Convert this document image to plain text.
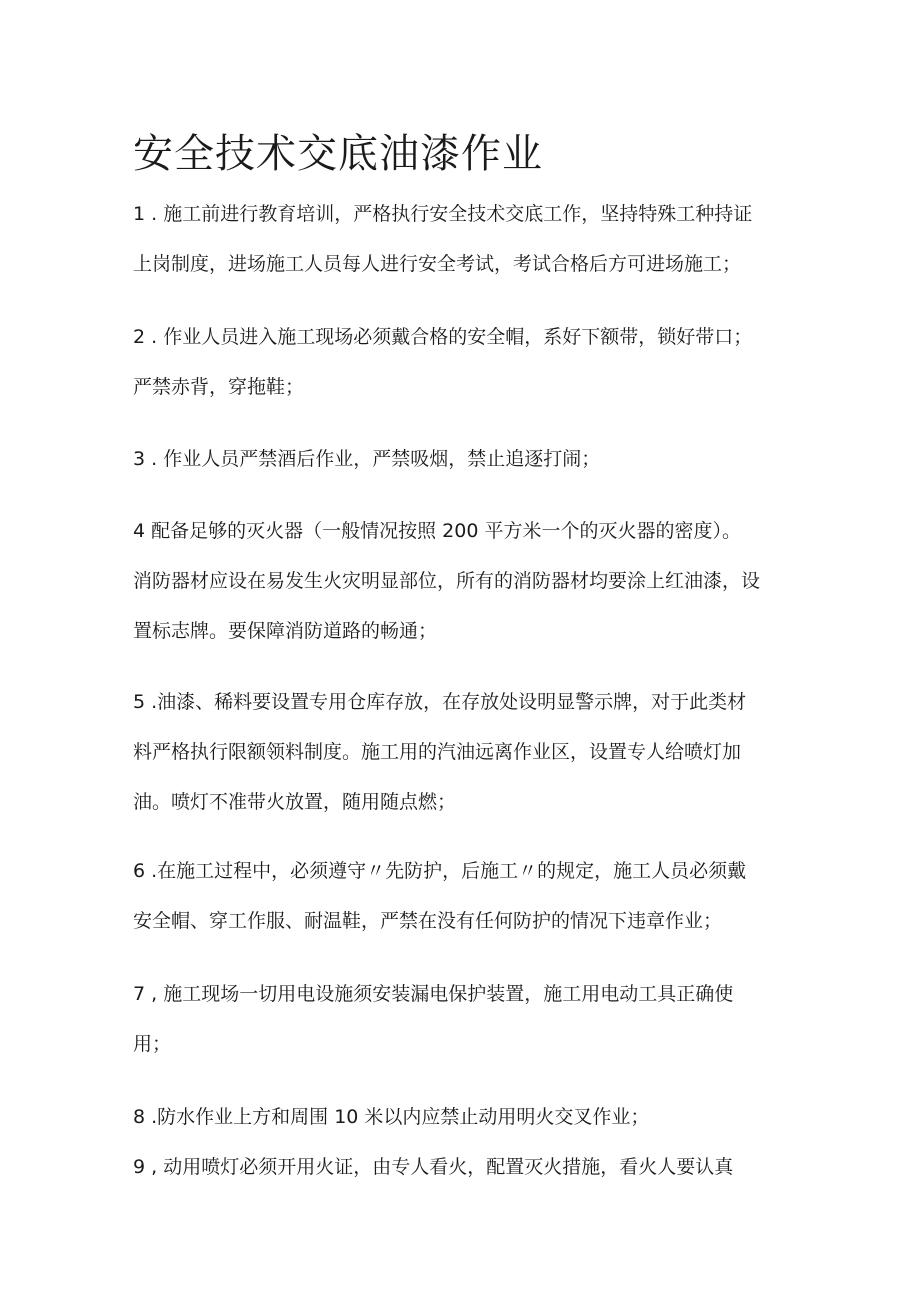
安全技术交底油漆作业
1 . 施工前进行教育培训，严格执行安全技术交底工作，坚持特殊工种持证
上岗制度，进场施工人员每人进行安全考试，考试合格后方可进场施工；
2 . 作业人员进入施工现场必须戴合格的安全帽，系好下额带，锁好带口；
严禁赤背，穿拖鞋；
3 . 作业人员严禁酒后作业，严禁吸烟，禁止追逐打闹；
4 配备足够的灭火器（一般情况按照 200 平方米一个的灭火器的密度）。
消防器材应设在易发生火灾明显部位，所有的消防器材均要涂上红油漆，设
置标志牌。要保障消防道路的畅通；
5 .油漆、稀料要设置专用仓库存放，在存放处设明显警示牌，对于此类材
料严格执行限额领料制度。施工用的汽油远离作业区，设置专人给喷灯加
油。喷灯不准带火放置，随用随点燃；
6 .在施工过程中，必须遵守〃先防护，后施工〃的规定，施工人员必须戴
安全帽、穿工作服、耐温鞋，严禁在没有任何防护的情况下违章作业；
7 , 施工现场一切用电设施须安装漏电保护装置，施工用电动工具正确使
用；
8 .防水作业上方和周围 10 米以内应禁止动用明火交叉作业；
9 , 动用喷灯必须开用火证，由专人看火，配置灭火措施，看火人要认真
